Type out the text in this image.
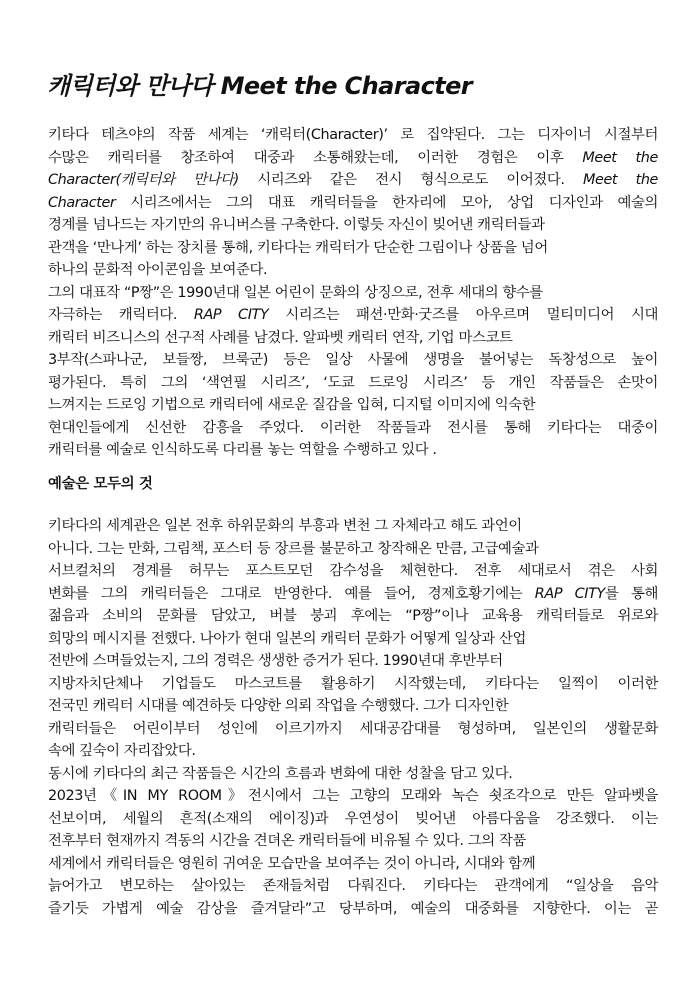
캐릭터와 만나다 Meet the Character
키타다 테츠야의 작품 세계는 ‘캐릭터(Character)’ 로 집약된다. 그는 디자이너 시절부터
수많은 캐릭터를 창조하여 대중과 소통해왔는데, 이러한 경험은 이후 Meet the
Character(캐릭터와 만나다) 시리즈와 같은 전시 형식으로도 이어졌다. Meet the
Character 시리즈에서는 그의 대표 캐릭터들을 한자리에 모아, 상업 디자인과 예술의
경계를 넘나드는 자기만의 유니버스를 구축한다. 이렇듯 자신이 빚어낸 캐릭터들과
관객을 ‘만나게’ 하는 장치를 통해, 키타다는 캐릭터가 단순한 그림이나 상품을 넘어
하나의 문화적 아이콘임을 보여준다.
그의 대표작 “P짱”은 1990년대 일본 어린이 문화의 상징으로, 전후 세대의 향수를
자극하는 캐릭터다. RAP CITY 시리즈는 패션·만화·굿즈를 아우르며 멀티미디어 시대
캐릭터 비즈니스의 선구적 사례를 남겼다. 알파벳 캐릭터 연작, 기업 마스코트
3부작(스파나군, 보들짱, 브룩군) 등은 일상 사물에 생명을 불어넣는 독창성으로 높이
평가된다. 특히 그의 ‘색연필 시리즈’, ‘도쿄 드로잉 시리즈’ 등 개인 작품들은 손맛이
느껴지는 드로잉 기법으로 캐릭터에 새로운 질감을 입혀, 디지털 이미지에 익숙한
현대인들에게 신선한 감흥을 주었다. 이러한 작품들과 전시를 통해 키타다는 대중이
캐릭터를 예술로 인식하도록 다리를 놓는 역할을 수행하고 있다 .
예술은 모두의 것
키타다의 세계관은 일본 전후 하위문화의 부흥과 변천 그 자체라고 해도 과언이
아니다. 그는 만화, 그림책, 포스터 등 장르를 불문하고 창작해온 만큼, 고급예술과
서브컬처의 경계를 허무는 포스트모던 감수성을 체현한다. 전후 세대로서 겪은 사회
변화를 그의 캐릭터들은 그대로 반영한다. 예를 들어, 경제호황기에는 RAP CITY를 통해
젊음과 소비의 문화를 담았고, 버블 붕괴 후에는 “P짱”이나 교육용 캐릭터들로 위로와
희망의 메시지를 전했다. 나아가 현대 일본의 캐릭터 문화가 어떻게 일상과 산업
전반에 스며들었는지, 그의 경력은 생생한 증거가 된다. 1990년대 후반부터
지방자치단체나 기업들도 마스코트를 활용하기 시작했는데, 키타다는 일찍이 이러한
전국민 캐릭터 시대를 예견하듯 다양한 의뢰 작업을 수행했다. 그가 디자인한
캐릭터들은 어린이부터 성인에 이르기까지 세대공감대를 형성하며, 일본인의 생활문화
속에 깊숙이 자리잡았다.
동시에 키타다의 최근 작품들은 시간의 흐름과 변화에 대한 성찰을 담고 있다.
2023년《IN MY ROOM》전시에서 그는 고향의 모래와 녹슨 쇳조각으로 만든 알파벳을
선보이며, 세월의 흔적(소재의 에이징)과 우연성이 빚어낸 아름다움을 강조했다. 이는
전후부터 현재까지 격동의 시간을 견뎌온 캐릭터들에 비유될 수 있다. 그의 작품
세계에서 캐릭터들은 영원히 귀여운 모습만을 보여주는 것이 아니라, 시대와 함께
늙어가고 변모하는 살아있는 존재들처럼 다뤄진다. 키타다는 관객에게 “일상을 음악
즐기듯 가볍게 예술 감상을 즐겨달라”고 당부하며, 예술의 대중화를 지향한다. 이는 곧
